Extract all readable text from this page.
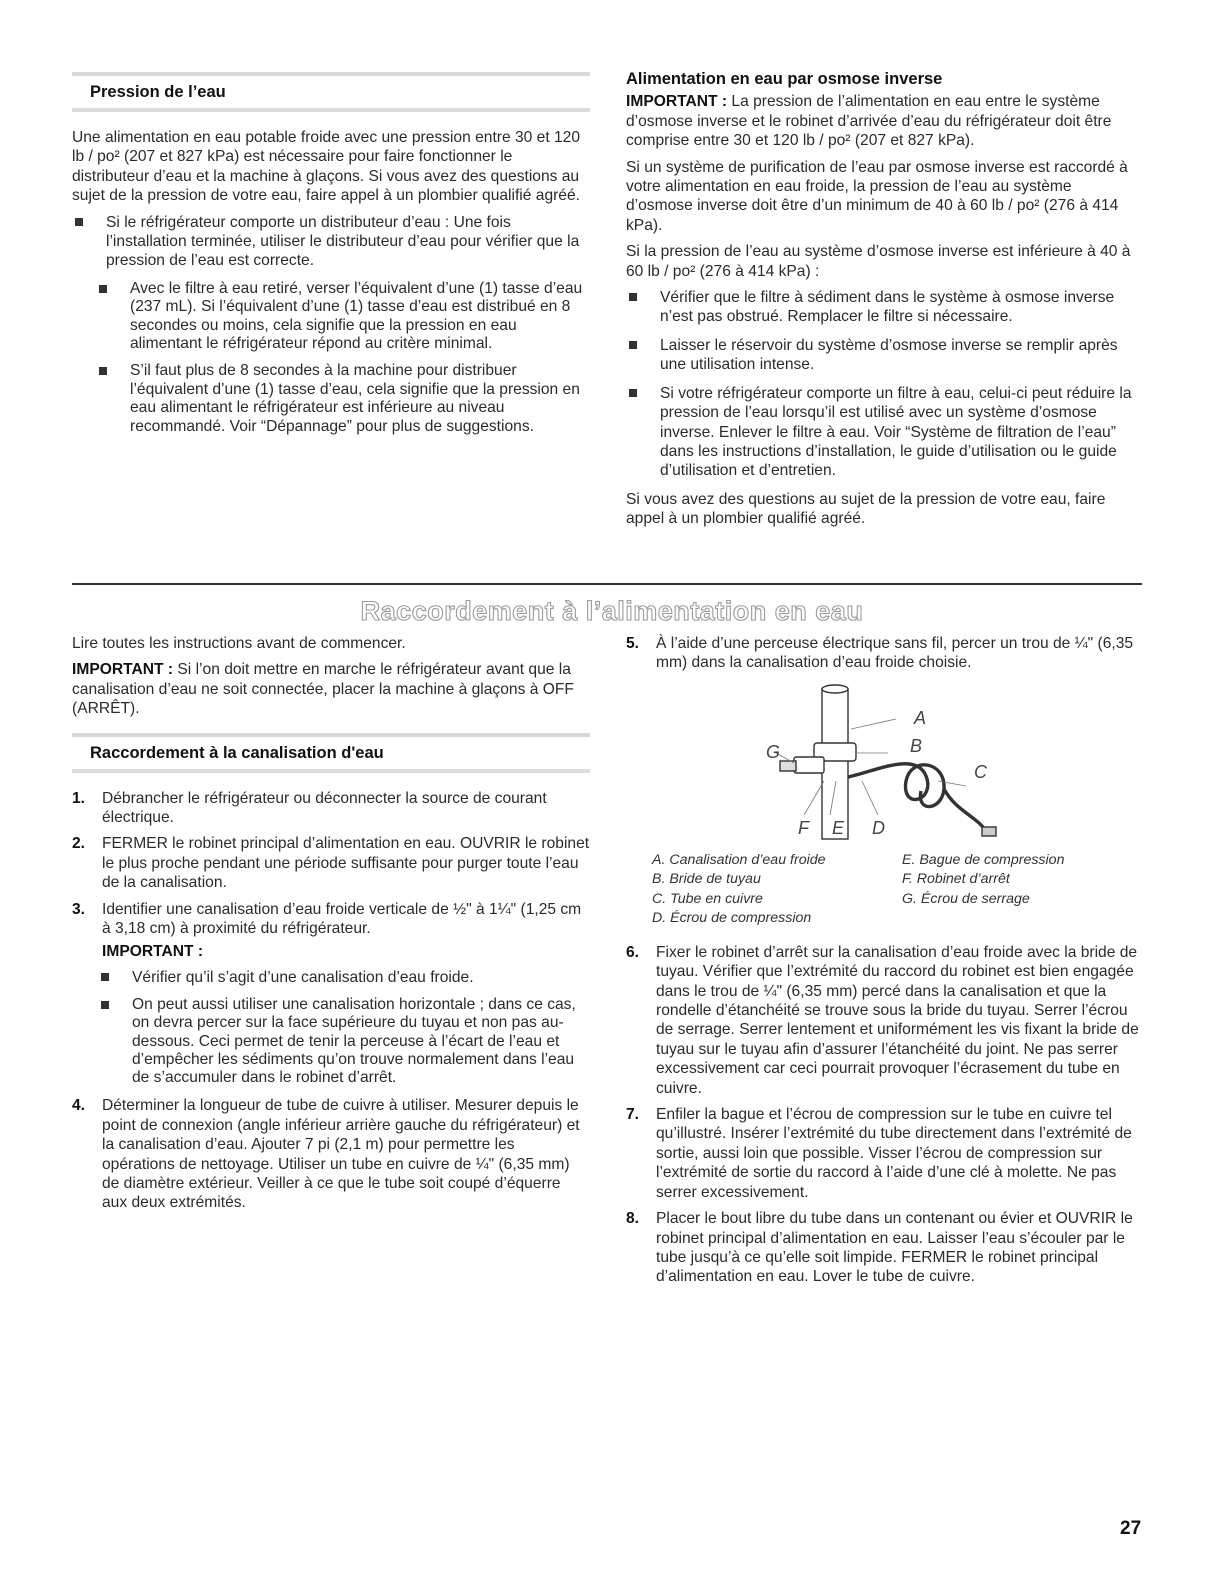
Pression de l’eau

Une alimentation en eau potable froide avec une pression entre 30 et 120 lb / po² (207 et 827 kPa) est nécessaire pour faire fonctionner le distributeur d’eau et la machine à glaçons. Si vous avez des questions au sujet de la pression de votre eau, faire appel à un plombier qualifié agréé.

Si le réfrigérateur comporte un distributeur d’eau : Une fois l’installation terminée, utiliser le distributeur d’eau pour vérifier que la pression de l’eau est correcte.

Avec le filtre à eau retiré, verser l’équivalent d’une (1) tasse d’eau (237 mL). Si l’équivalent d’une (1) tasse d’eau est distribué en 8 secondes ou moins, cela signifie que la pression en eau alimentant le réfrigérateur répond au critère minimal.

S’il faut plus de 8 secondes à la machine pour distribuer l’équivalent d’une (1) tasse d’eau, cela signifie que la pression en eau alimentant le réfrigérateur est inférieure au niveau recommandé. Voir “Dépannage” pour plus de suggestions.

Alimentation en eau par osmose inverse

IMPORTANT : La pression de l’alimentation en eau entre le système d’osmose inverse et le robinet d’arrivée d’eau du réfrigérateur doit être comprise entre 30 et 120 lb / po² (207 et 827 kPa).

Si un système de purification de l’eau par osmose inverse est raccordé à votre alimentation en eau froide, la pression de l’eau au système d’osmose inverse doit être d’un minimum de 40 à 60 lb / po² (276 à 414 kPa).

Si la pression de l’eau au système d’osmose inverse est inférieure à 40 à 60 lb / po² (276 à 414 kPa) :

Vérifier que le filtre à sédiment dans le système à osmose inverse n’est pas obstrué. Remplacer le filtre si nécessaire.

Laisser le réservoir du système d’osmose inverse se remplir après une utilisation intense.

Si votre réfrigérateur comporte un filtre à eau, celui-ci peut réduire la pression de l’eau lorsqu’il est utilisé avec un système d’osmose inverse. Enlever le filtre à eau. Voir “Système de filtration de l’eau” dans les instructions d’installation, le guide d’utilisation ou le guide d’utilisation et d’entretien.

Si vous avez des questions au sujet de la pression de votre eau, faire appel à un plombier qualifié agréé.

Raccordement à l’alimentation en eau

Lire toutes les instructions avant de commencer.

IMPORTANT : Si l’on doit mettre en marche le réfrigérateur avant que la canalisation d’eau ne soit connectée, placer la machine à glaçons à OFF (ARRÊT).

Raccordement à la canalisation d'eau
1. Débrancher le réfrigérateur ou déconnecter la source de courant électrique.
2. FERMER le robinet principal d’alimentation en eau. OUVRIR le robinet le plus proche pendant une période suffisante pour purger toute l’eau de la canalisation.
3. Identifier une canalisation d’eau froide verticale de ½" à 1¼" (1,25 cm à 3,18 cm) à proximité du réfrigérateur.

IMPORTANT :

Vérifier qu’il s’agit d’une canalisation d’eau froide.

On peut aussi utiliser une canalisation horizontale ; dans ce cas, on devra percer sur la face supérieure du tuyau et non pas au-dessous. Ceci permet de tenir la perceuse à l’écart de l’eau et d’empêcher les sédiments qu’on trouve normalement dans l’eau de s’accumuler dans le robinet d’arrêt.

4. Déterminer la longueur de tube de cuivre à utiliser. Mesurer depuis le point de connexion (angle inférieur arrière gauche du réfrigérateur) et la canalisation d’eau. Ajouter 7 pi (2,1 m) pour permettre les opérations de nettoyage. Utiliser un tube en cuivre de ¼" (6,35 mm) de diamètre extérieur. Veiller à ce que le tube soit coupé d’équerre aux deux extrémités.
5. À l’aide d’une perceuse électrique sans fil, percer un trou de ¼" (6,35 mm) dans la canalisation d’eau froide choisie.
A
B
C
G
F E D
A. Canalisation d’eau froide
B. Bride de tuyau
C. Tube en cuivre
D. Écrou de compression
E. Bague de compression
F. Robinet d’arrêt
G. Écrou de serrage
6. Fixer le robinet d’arrêt sur la canalisation d’eau froide avec la bride de tuyau. Vérifier que l’extrémité du raccord du robinet est bien engagée dans le trou de ¼" (6,35 mm) percé dans la canalisation et que la rondelle d’étanchéité se trouve sous la bride du tuyau. Serrer l’écrou de serrage. Serrer lentement et uniformément les vis fixant la bride de tuyau sur le tuyau afin d’assurer l’étanchéité du joint. Ne pas serrer excessivement car ceci pourrait provoquer l’écrasement du tube en cuivre.
7. Enfiler la bague et l’écrou de compression sur le tube en cuivre tel qu’illustré. Insérer l’extrémité du tube directement dans l’extrémité de sortie, aussi loin que possible. Visser l’écrou de compression sur l’extrémité de sortie du raccord à l’aide d’une clé à molette. Ne pas serrer excessivement.
8. Placer le bout libre du tube dans un contenant ou évier et OUVRIR le robinet principal d’alimentation en eau. Laisser l’eau s’écouler par le tube jusqu’à ce qu’elle soit limpide. FERMER le robinet principal d’alimentation en eau. Lover le tube de cuivre.
27
